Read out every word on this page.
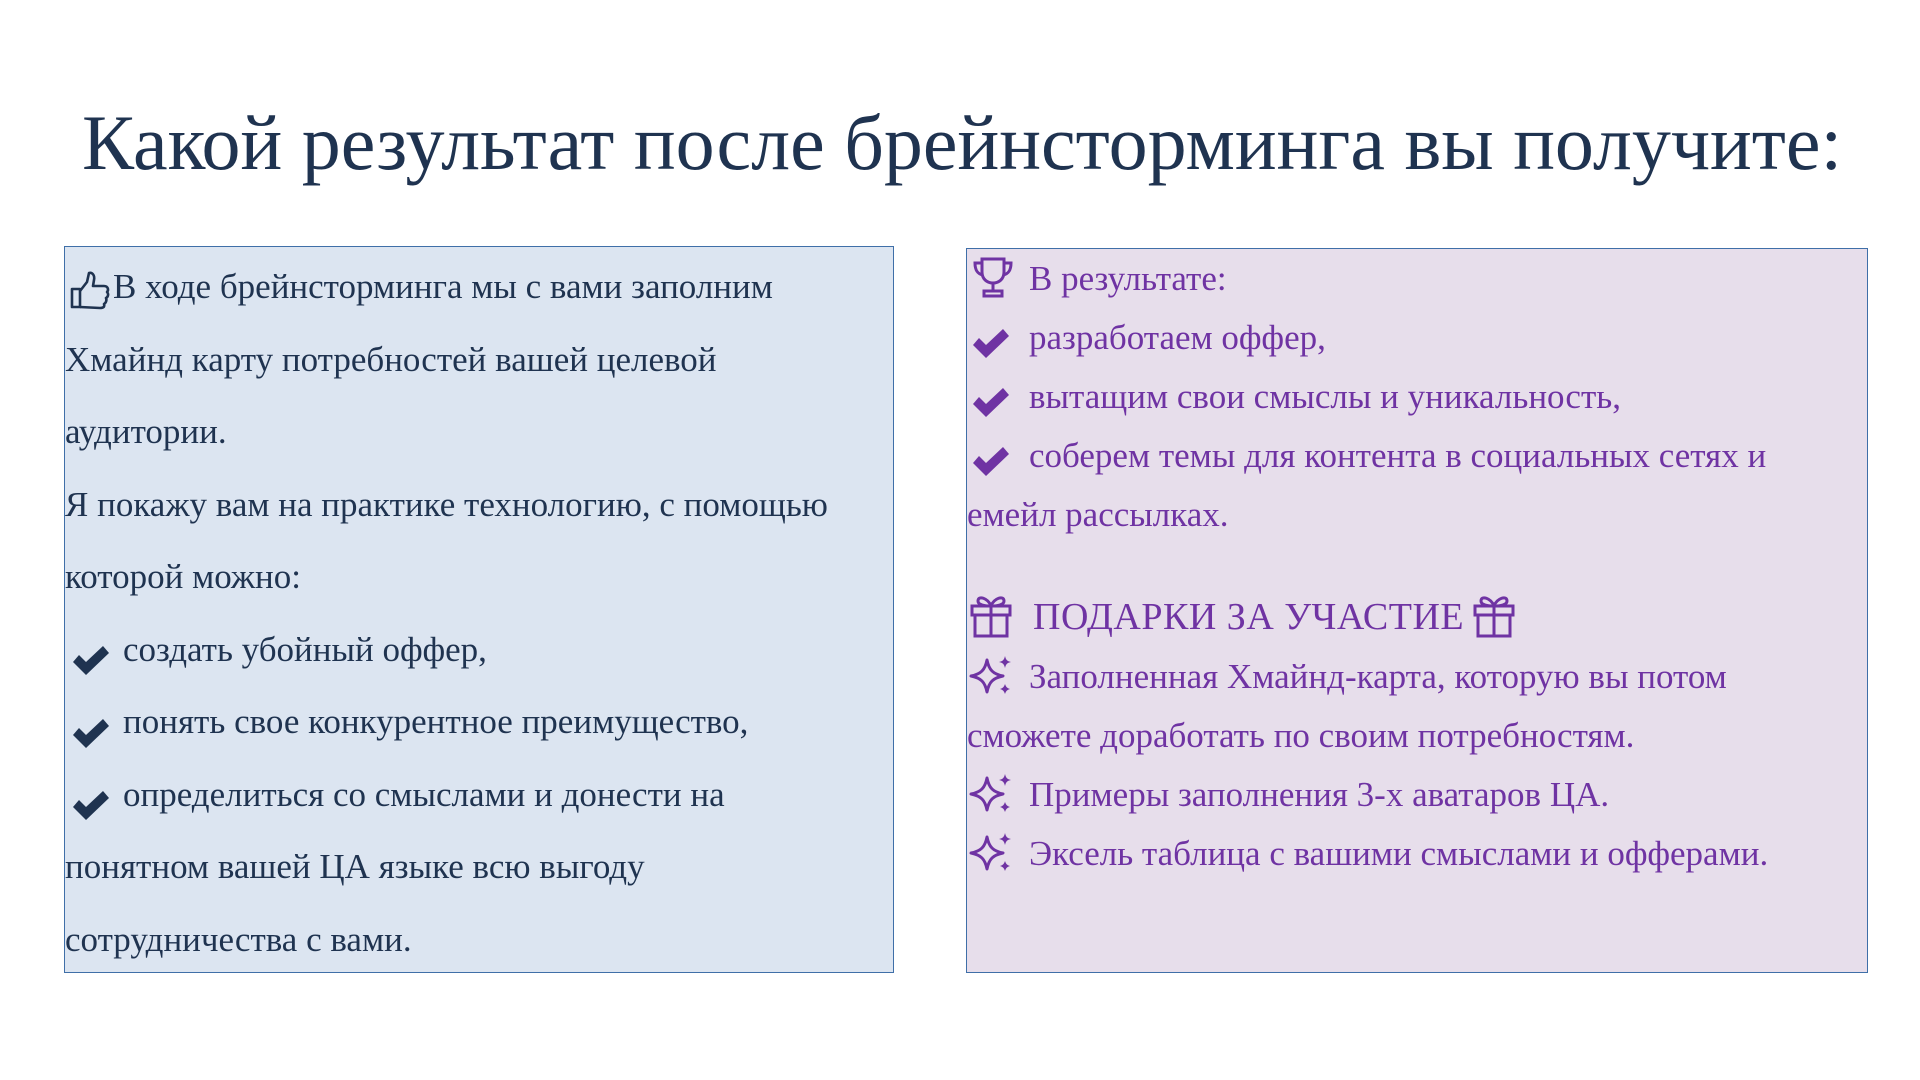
Какой результат после брейнсторминга вы получите:

В ходе брейнсторминга мы с вами заполним

Хмайнд карту потребностей вашей целевой

аудитории.

Я покажу вам на практике технологию, с помощью

которой можно:

создать убойный оффер,

понять свое конкурентное преимущество,

определиться со смыслами и донести на

понятном вашей ЦА языке всю выгоду

сотрудничества с вами.

В результате:

разработаем оффер,

вытащим свои смыслы и уникальность,

соберем темы для контента в социальных сетях и

емейл рассылках.

ПОДАРКИ ЗА УЧАСТИЕ

Заполненная Хмайнд-карта, которую вы потом

сможете доработать по своим потребностям.

Примеры заполнения 3-х аватаров ЦА.

Эксель таблица с вашими смыслами и офферами.
